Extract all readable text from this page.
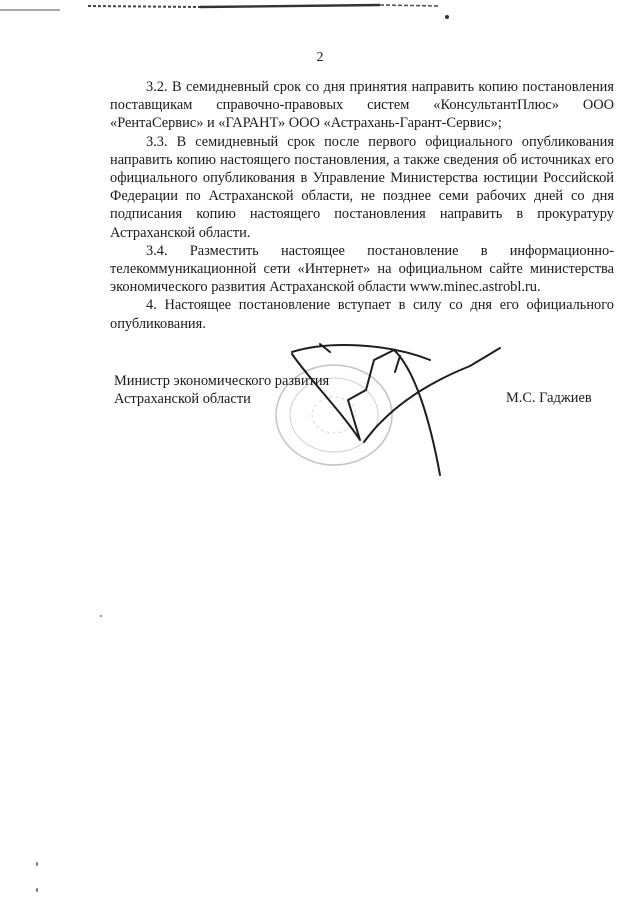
2

3.2. В семидневный срок со дня принятия направить копию постановления поставщикам справочно-правовых систем «КонсультантПлюс» ООО «РентаСервис» и «ГАРАНТ» ООО «Астрахань-Гарант-Сервис»;

3.3. В семидневный срок после первого официального опубликования направить копию настоящего постановления, а также сведения об источниках его официального опубликования в Управление Министерства юстиции Российской Федерации по Астраханской области, не позднее семи рабочих дней со дня подписания копию настоящего постановления направить в прокуратуру Астраханской области.

3.4. Разместить настоящее постановление в информационно-телекоммуникационной сети «Интернет» на официальном сайте министерства экономического развития Астраханской области www.minec.astrobl.ru.

4. Настоящее постановление вступает в силу со дня его официального опубликования.

Министр экономического развития
Астраханской области	М.С. Гаджиев
